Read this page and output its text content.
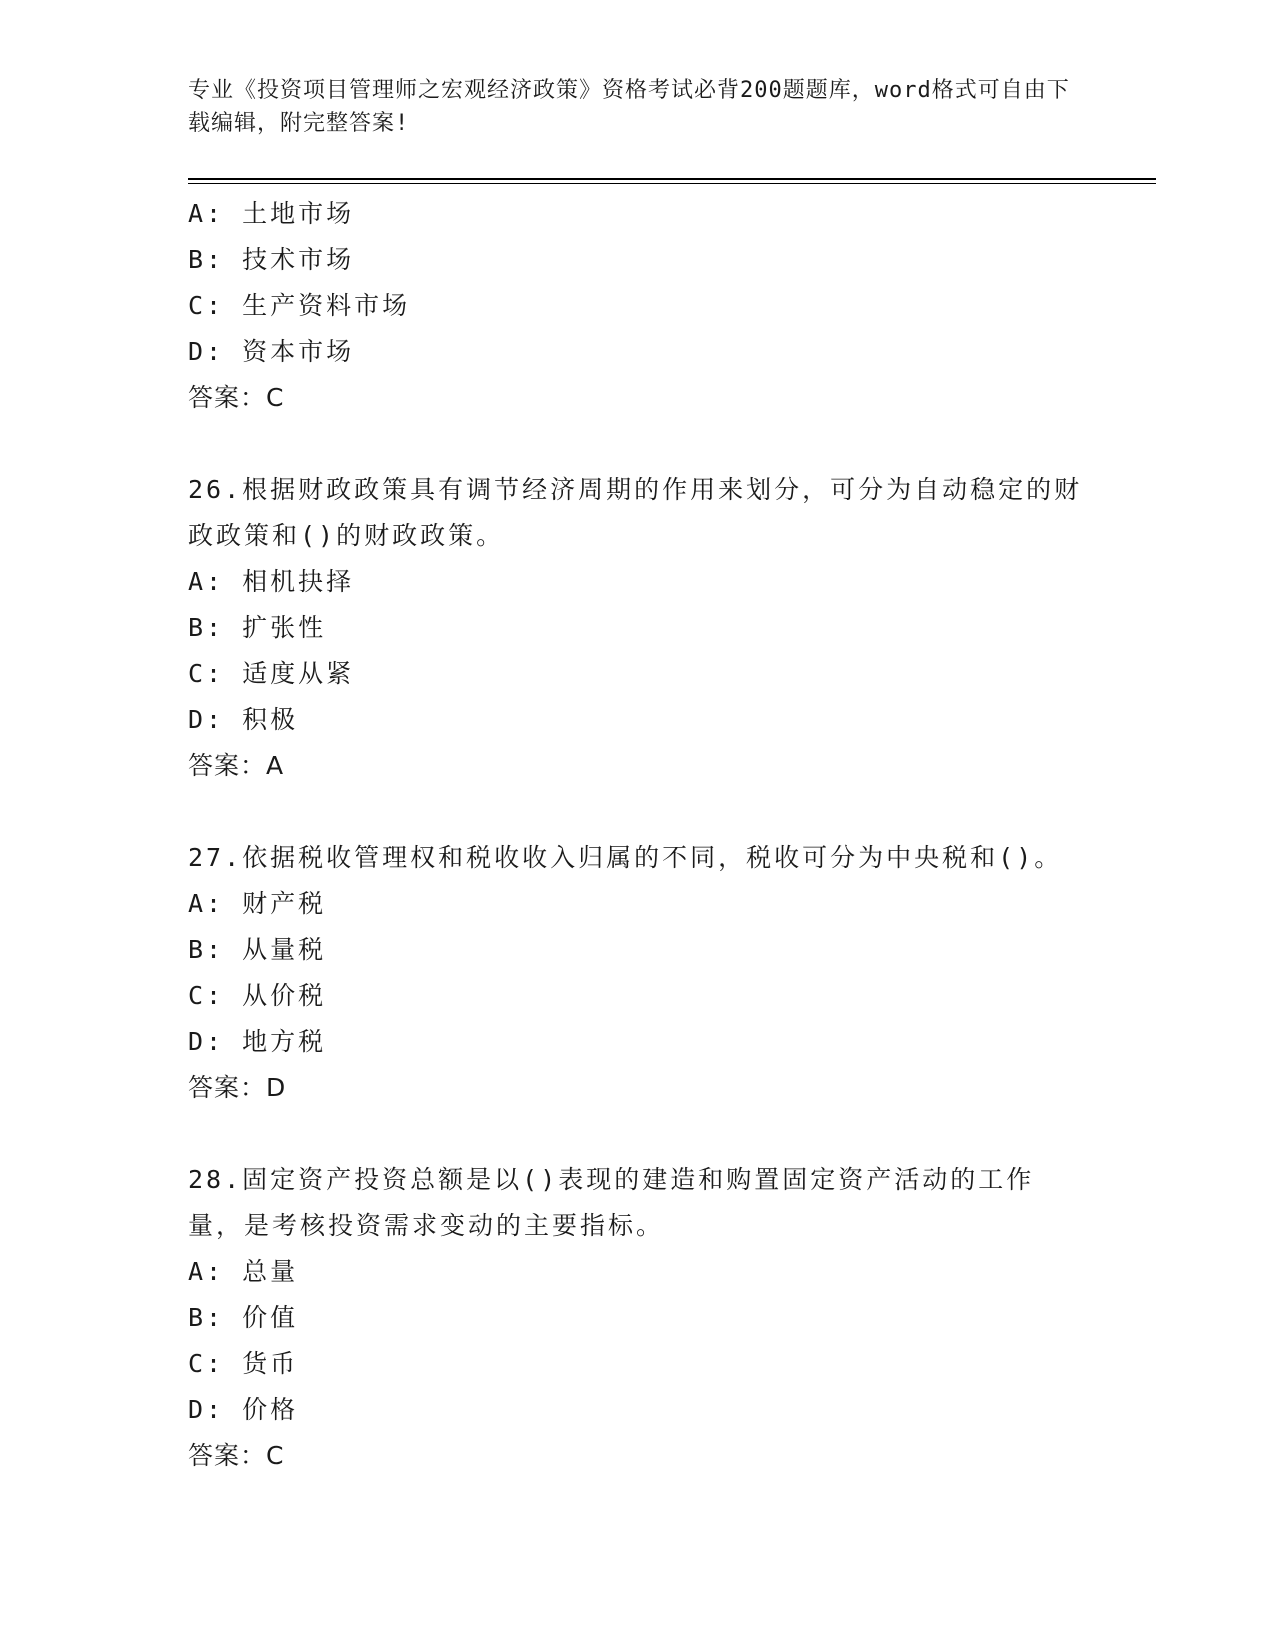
专业《投资项目管理师之宏观经济政策》资格考试必背200题题库，word格式可自由下载编辑，附完整答案!
A: 土地市场
B: 技术市场
C: 生产资料市场
D: 资本市场
答案：C
26.根据财政政策具有调节经济周期的作用来划分，可分为自动稳定的财政政策和()的财政政策。
A: 相机抉择
B: 扩张性
C: 适度从紧
D: 积极
答案：A
27.依据税收管理权和税收收入归属的不同，税收可分为中央税和()。
A: 财产税
B: 从量税
C: 从价税
D: 地方税
答案：D
28.固定资产投资总额是以()表现的建造和购置固定资产活动的工作量，是考核投资需求变动的主要指标。
A: 总量
B: 价值
C: 货币
D: 价格
答案：C
